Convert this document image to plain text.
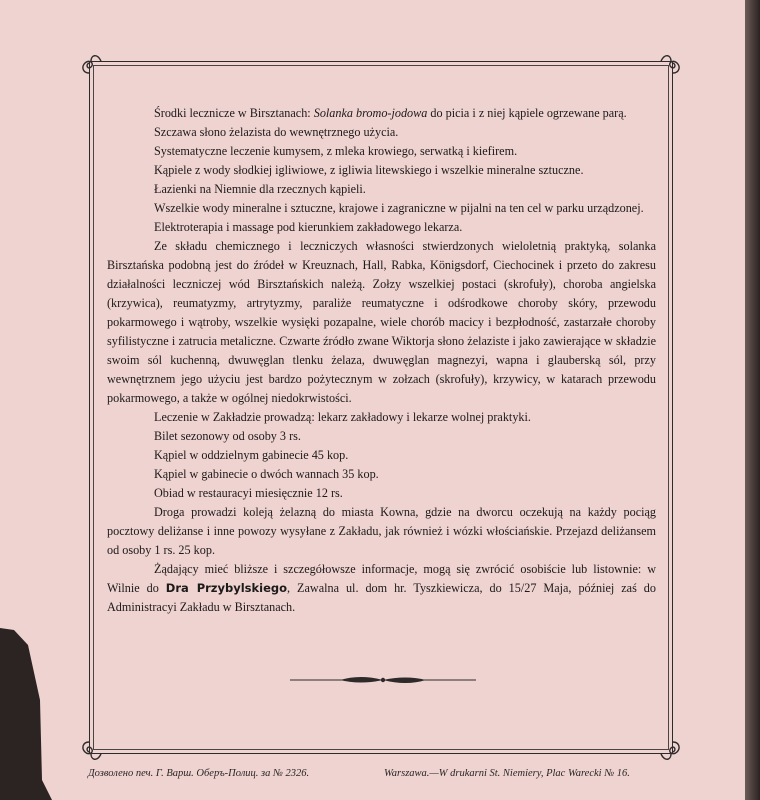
Środki lecznicze w Birsztanach: Solanka bromo-jodowa do picia i z niej kąpiele ogrzewane parą.

Szczawa słono żelazista do wewnętrznego użycia.

Systematyczne leczenie kumysem, z mleka krowiego, serwatką i kiefirem.

Kąpiele z wody słodkiej igliwiowe, z igliwia litewskiego i wszelkie mineralne sztuczne.

Łazienki na Niemnie dla rzecznych kąpieli.

Wszelkie wody mineralne i sztuczne, krajowe i zagraniczne w pijalni na ten cel w parku urządzonej.

Elektroterapia i massage pod kierunkiem zakładowego lekarza.

Ze składu chemicznego i leczniczych własności stwierdzonych wieloletnią praktyką, solanka Birsztańska podobną jest do źródeł w Kreuznach, Hall, Rabka, Königsdorf, Ciechocinek i przeto do zakresu działalności leczniczej wód Birsztańskich należą. Zołzy wszelkiej postaci (skrofuły), choroba angielska (krzywica), reumatyzmy, artrytyzmy, paraliże reumatyczne i odśrodkowe choroby skóry, przewodu pokarmowego i wątroby, wszelkie wysięki pozapalne, wiele chorób macicy i bezpłodność, zastarzałe choroby syfilistyczne i zatrucia metaliczne. Czwarte źródło zwane Wiktorja słono żelaziste i jako zawierające w składzie swoim sól kuchenną, dwuwęglan tlenku żelaza, dwuwęglan magnezyi, wapna i glauberską sól, przy wewnętrznem jego użyciu jest bardzo pożytecznym w zołzach (skrofuły), krzywicy, w katarach przewodu pokarmowego, a także w ogólnej niedokrwistości.

Leczenie w Zakładzie prowadzą: lekarz zakładowy i lekarze wolnej praktyki.

Bilet sezonowy od osoby 3 rs.

Kąpiel w oddzielnym gabinecie 45 kop.

Kąpiel w gabinecie o dwóch wannach 35 kop.

Obiad w restauracyi miesięcznie 12 rs.

Droga prowadzi koleją żelazną do miasta Kowna, gdzie na dworcu oczekują na każdy pociąg pocztowy deliżanse i inne powozy wysyłane z Zakładu, jak również i wózki włościańskie. Przejazd deliżansem od osoby 1 rs. 25 kop.

Żądający mieć bliższe i szczegółowsze informacje, mogą się zwrócić osobiście lub listownie: w Wilnie do Dra Przybylskiego, Zawalna ul. dom hr. Tyszkiewicza, do 15/27 Maja, później zaś do Administracyi Zakładu w Birsztanach.

Дозволено печ. Г. Варш. Оберъ-Полиц. за № 2326.	Warszawa.—W drukarni St. Niemiery, Plac Warecki № 16.
